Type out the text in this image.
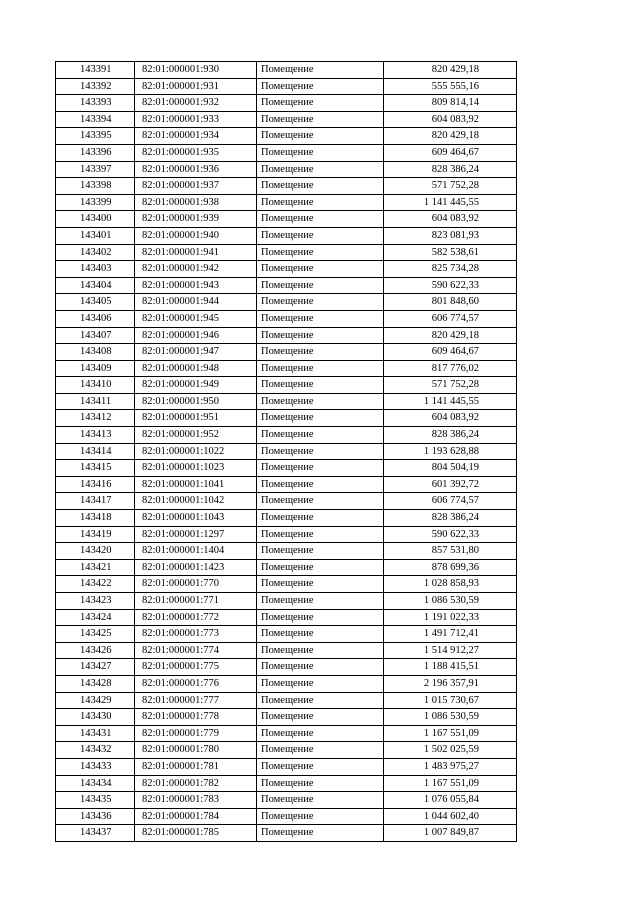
143391	82:01:000001:930	Помещение	820 429,18
143392	82:01:000001:931	Помещение	555 555,16
143393	82:01:000001:932	Помещение	809 814,14
143394	82:01:000001:933	Помещение	604 083,92
143395	82:01:000001:934	Помещение	820 429,18
143396	82:01:000001:935	Помещение	609 464,67
143397	82:01:000001:936	Помещение	828 386,24
143398	82:01:000001:937	Помещение	571 752,28
143399	82:01:000001:938	Помещение	1 141 445,55
143400	82:01:000001:939	Помещение	604 083,92
143401	82:01:000001:940	Помещение	823 081,93
143402	82:01:000001:941	Помещение	582 538,61
143403	82:01:000001:942	Помещение	825 734,28
143404	82:01:000001:943	Помещение	590 622,33
143405	82:01:000001:944	Помещение	801 848,60
143406	82:01:000001:945	Помещение	606 774,57
143407	82:01:000001:946	Помещение	820 429,18
143408	82:01:000001:947	Помещение	609 464,67
143409	82:01:000001:948	Помещение	817 776,02
143410	82:01:000001:949	Помещение	571 752,28
143411	82:01:000001:950	Помещение	1 141 445,55
143412	82:01:000001:951	Помещение	604 083,92
143413	82:01:000001:952	Помещение	828 386,24
143414	82:01:000001:1022	Помещение	1 193 628,88
143415	82:01:000001:1023	Помещение	804 504,19
143416	82:01:000001:1041	Помещение	601 392,72
143417	82:01:000001:1042	Помещение	606 774,57
143418	82:01:000001:1043	Помещение	828 386,24
143419	82:01:000001:1297	Помещение	590 622,33
143420	82:01:000001:1404	Помещение	857 531,80
143421	82:01:000001:1423	Помещение	878 699,36
143422	82:01:000001:770	Помещение	1 028 858,93
143423	82:01:000001:771	Помещение	1 086 530,59
143424	82:01:000001:772	Помещение	1 191 022,33
143425	82:01:000001:773	Помещение	1 491 712,41
143426	82:01:000001:774	Помещение	1 514 912,27
143427	82:01:000001:775	Помещение	1 188 415,51
143428	82:01:000001:776	Помещение	2 196 357,91
143429	82:01:000001:777	Помещение	1 015 730,67
143430	82:01:000001:778	Помещение	1 086 530,59
143431	82:01:000001:779	Помещение	1 167 551,09
143432	82:01:000001:780	Помещение	1 502 025,59
143433	82:01:000001:781	Помещение	1 483 975,27
143434	82:01:000001:782	Помещение	1 167 551,09
143435	82:01:000001:783	Помещение	1 076 055,84
143436	82:01:000001:784	Помещение	1 044 602,40
143437	82:01:000001:785	Помещение	1 007 849,87
